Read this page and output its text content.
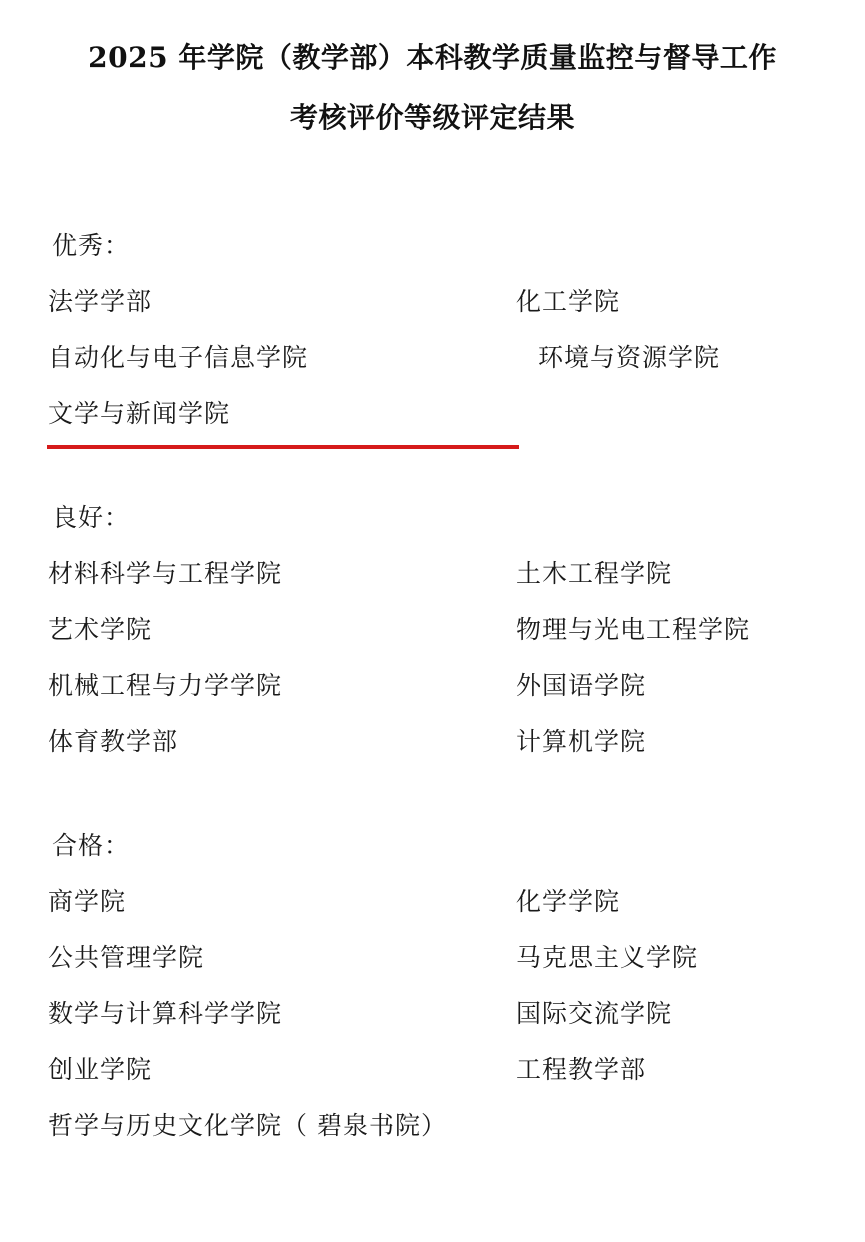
2025 年学院（教学部）本科教学质量监控与督导工作
考核评价等级评定结果
优秀：
法学学部	化工学院
自动化与电子信息学院	环境与资源学院
文学与新闻学院
良好：
材料科学与工程学院	土木工程学院
艺术学院	物理与光电工程学院
机械工程与力学学院	外国语学院
体育教学部	计算机学院
合格：
商学院	化学学院
公共管理学院	马克思主义学院
数学与计算科学学院	国际交流学院
创业学院	工程教学部
哲学与历史文化学院（ 碧泉书院）
